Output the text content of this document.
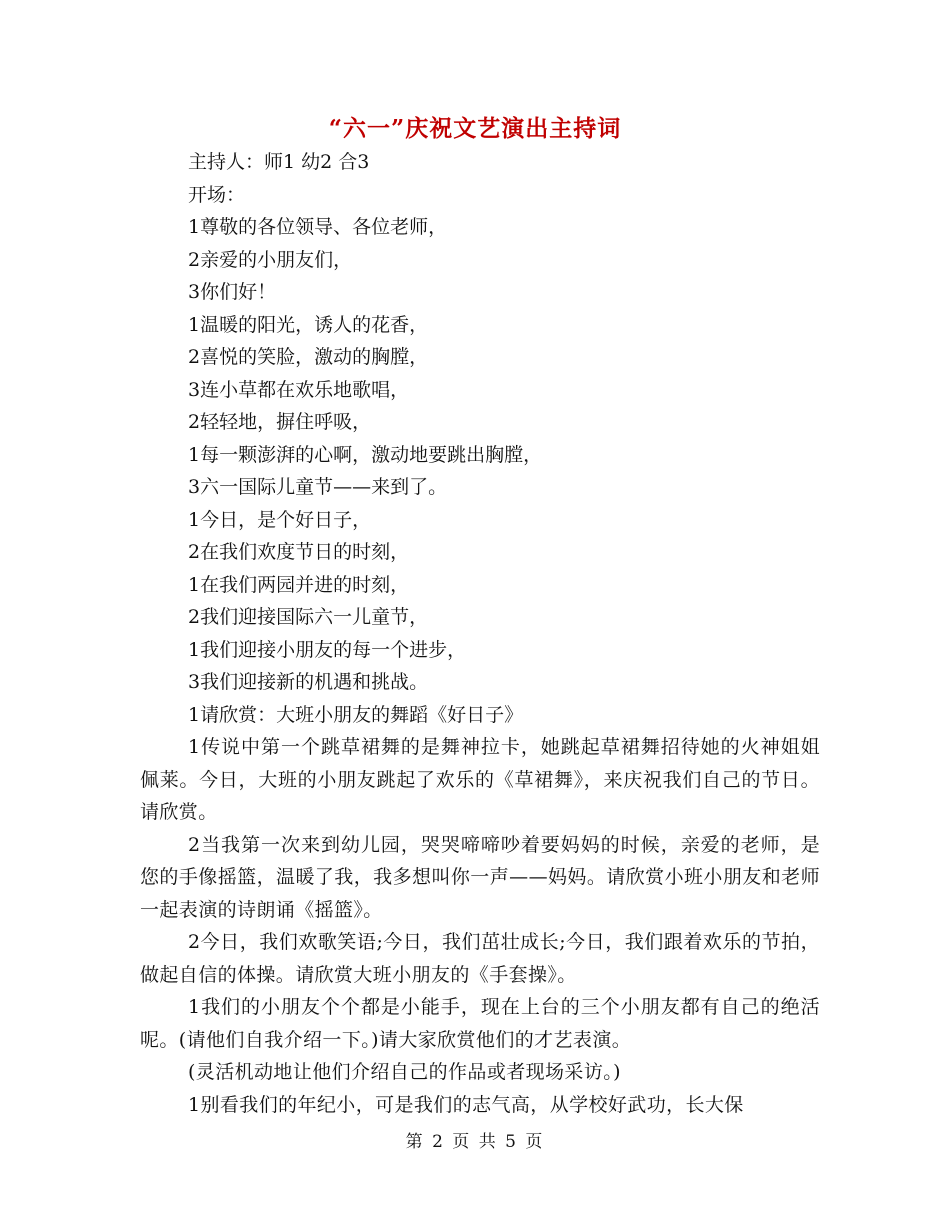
“六一”庆祝文艺演出主持词
主持人：师1 幼2 合3
开场：
1尊敬的各位领导、各位老师，
2亲爱的小朋友们，
3你们好！
1温暖的阳光，诱人的花香，
2喜悦的笑脸，激动的胸膛，
3连小草都在欢乐地歌唱，
2轻轻地，摒住呼吸，
1每一颗澎湃的心啊，激动地要跳出胸膛，
3六一国际儿童节——来到了。
1今日，是个好日子，
2在我们欢度节日的时刻，
1在我们两园并进的时刻，
2我们迎接国际六一儿童节，
1我们迎接小朋友的每一个进步，
3我们迎接新的机遇和挑战。
1请欣赏：大班小朋友的舞蹈《好日子》
1传说中第一个跳草裙舞的是舞神拉卡，她跳起草裙舞招待她的火神姐姐佩莱。今日，大班的小朋友跳起了欢乐的《草裙舞》，来庆祝我们自己的节日。请欣赏。
2当我第一次来到幼儿园，哭哭啼啼吵着要妈妈的时候，亲爱的老师，是您的手像摇篮，温暖了我，我多想叫你一声——妈妈。请欣赏小班小朋友和老师一起表演的诗朗诵《摇篮》。
2今日，我们欢歌笑语;今日，我们茁壮成长;今日，我们跟着欢乐的节拍，做起自信的体操。请欣赏大班小朋友的《手套操》。
1我们的小朋友个个都是小能手，现在上台的三个小朋友都有自己的绝活呢。(请他们自我介绍一下。)请大家欣赏他们的才艺表演。
(灵活机动地让他们介绍自己的作品或者现场采访。)
1别看我们的年纪小，可是我们的志气高，从学校好武功，长大保
第 2 页 共 5 页
